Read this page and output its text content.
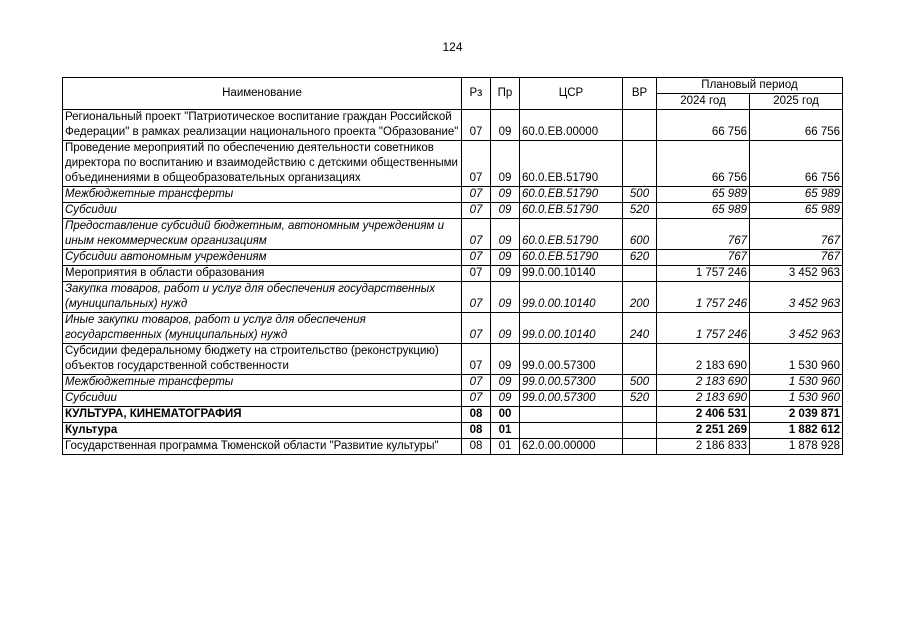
124
Наименование	Рз	Пр	ЦСР	ВР	Плановый период	
					2024 год	2025 год
Региональный проект "Патриотическое воспитание граждан Российской Федерации" в рамках реализации национального проекта "Образование"	07	09	60.0.ЕВ.00000		66 756	66 756
Проведение мероприятий по обеспечению деятельности советников директора по воспитанию и взаимодействию с детскими общественными объединениями в общеобразовательных организациях	07	09	60.0.ЕВ.51790		66 756	66 756
Межбюджетные трансферты	07	09	60.0.ЕВ.51790	500	65 989	65 989
Субсидии	07	09	60.0.ЕВ.51790	520	65 989	65 989
Предоставление субсидий бюджетным, автономным учреждениям и иным некоммерческим организациям	07	09	60.0.ЕВ.51790	600	767	767
Субсидии автономным учреждениям	07	09	60.0.ЕВ.51790	620	767	767
Мероприятия в области образования	07	09	99.0.00.10140		1 757 246	3 452 963
Закупка товаров, работ и услуг для обеспечения государственных (муниципальных) нужд	07	09	99.0.00.10140	200	1 757 246	3 452 963
Иные закупки товаров, работ и услуг для обеспечения государственных (муниципальных) нужд	07	09	99.0.00.10140	240	1 757 246	3 452 963
Субсидии федеральному бюджету на строительство (реконструкцию) объектов государственной собственности	07	09	99.0.00.57300		2 183 690	1 530 960
Межбюджетные трансферты	07	09	99.0.00.57300	500	2 183 690	1 530 960
Субсидии	07	09	99.0.00.57300	520	2 183 690	1 530 960
КУЛЬТУРА, КИНЕМАТОГРАФИЯ	08	00			2 406 531	2 039 871
Культура	08	01			2 251 269	1 882 612
Государственная программа Тюменской области "Развитие культуры"	08	01	62.0.00.00000		2 186 833	1 878 928
